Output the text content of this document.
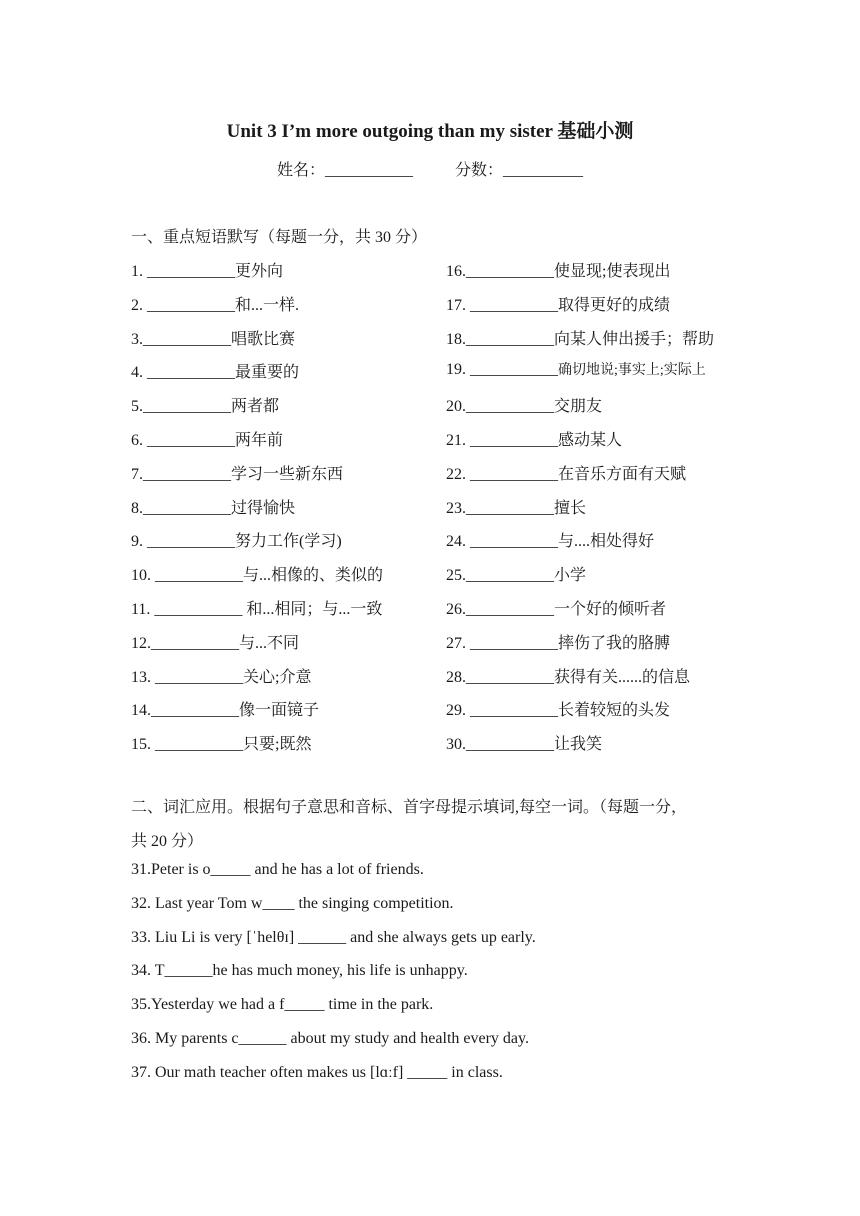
Unit 3 I’m more outgoing than my sister 基础小测
姓名：___________	分数：__________
一、重点短语默写（每题一分，共 30 分）
1. ___________更外向
2. ___________和...一样.
3.___________唱歌比赛
4. ___________最重要的
5.___________两者都
6. ___________两年前
7.___________学习一些新东西
8.___________过得愉快
9. ___________努力工作(学习)
10. ___________与...相像的、类似的
11. ___________ 和...相同；与...一致
12.___________与...不同
13. ___________关心;介意
14.___________像一面镜子
15. ___________只要;既然
16.___________使显现;使表现出
17. ___________取得更好的成绩
18.___________向某人伸出援手；帮助
19. ___________确切地说;事实上;实际上
20.___________交朋友
21. ___________感动某人
22. ___________在音乐方面有天赋
23.___________擅长
24. ___________与....相处得好
25.___________小学
26.___________一个好的倾听者
27. ___________摔伤了我的胳膊
28.___________获得有关......的信息
29. ___________长着较短的头发
30.___________让我笑
二、词汇应用。根据句子意思和音标、首字母提示填词,每空一词。（每题一分，
共 20 分）
31.Peter is o_____ and he has a lot of friends.
32. Last year Tom w____ the singing competition.
33. Liu Li is very [ˈhelθɪ] ______ and she always gets up early.
34. T______he has much money, his life is unhappy.
35.Yesterday we had a f_____ time in the park.
36. My parents c______ about my study and health every day.
37. Our math teacher often makes us [lɑːf] _____ in class.
